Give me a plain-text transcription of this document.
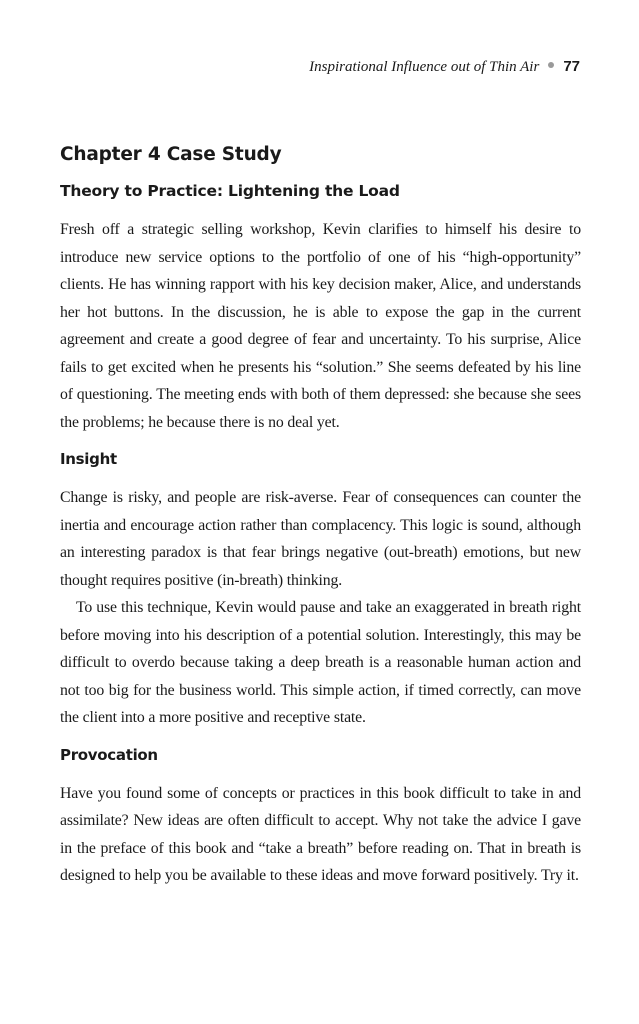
Inspirational Influence out of Thin Air 77
Chapter 4 Case Study
Theory to Practice: Lightening the Load

Fresh off a strategic selling workshop, Kevin clarifies to himself his desire to introduce new service options to the portfolio of one of his “high-opportunity” clients. He has winning rapport with his key decision maker, Alice, and understands her hot buttons. In the discussion, he is able to expose the gap in the current agreement and create a good degree of fear and uncertainty. To his surprise, Alice fails to get excited when he presents his “solution.” She seems defeated by his line of questioning. The meeting ends with both of them depressed: she because she sees the problems; he because there is no deal yet.

Insight

Change is risky, and people are risk-averse. Fear of consequences can counter the inertia and encourage action rather than complacency. This logic is sound, although an interesting paradox is that fear brings negative (out-breath) emotions, but new thought requires positive (in-breath) thinking.

To use this technique, Kevin would pause and take an exaggerated in breath right before moving into his description of a potential solution. Interestingly, this may be difficult to overdo because taking a deep breath is a reasonable human action and not too big for the business world. This simple action, if timed correctly, can move the client into a more positive and receptive state.

Provocation

Have you found some of concepts or practices in this book difficult to take in and assimilate? New ideas are often difficult to accept. Why not take the advice I gave in the preface of this book and “take a breath” before reading on. That in breath is designed to help you be available to these ideas and move forward positively. Try it.
